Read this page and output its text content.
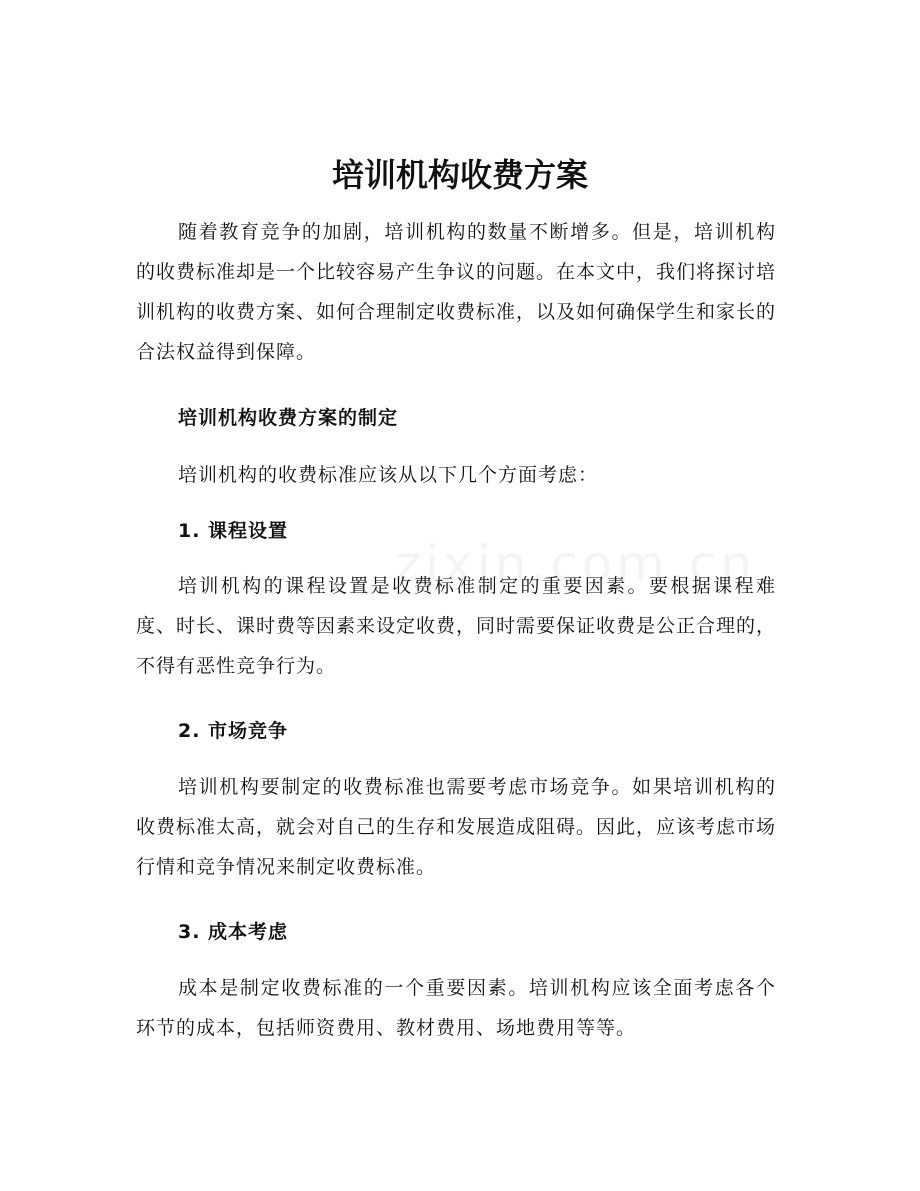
培训机构收费方案

随着教育竞争的加剧，培训机构的数量不断增多。但是，培训机构的收费标准却是一个比较容易产生争议的问题。在本文中，我们将探讨培训机构的收费方案、如何合理制定收费标准，以及如何确保学生和家长的合法权益得到保障。

培训机构收费方案的制定

培训机构的收费标准应该从以下几个方面考虑：

1. 课程设置

培训机构的课程设置是收费标准制定的重要因素。要根据课程难度、时长、课时费等因素来设定收费，同时需要保证收费是公正合理的，不得有恶性竞争行为。

2. 市场竞争

培训机构要制定的收费标准也需要考虑市场竞争。如果培训机构的收费标准太高，就会对自己的生存和发展造成阻碍。因此，应该考虑市场行情和竞争情况来制定收费标准。

3. 成本考虑

成本是制定收费标准的一个重要因素。培训机构应该全面考虑各个环节的成本，包括师资费用、教材费用、场地费用等等。
